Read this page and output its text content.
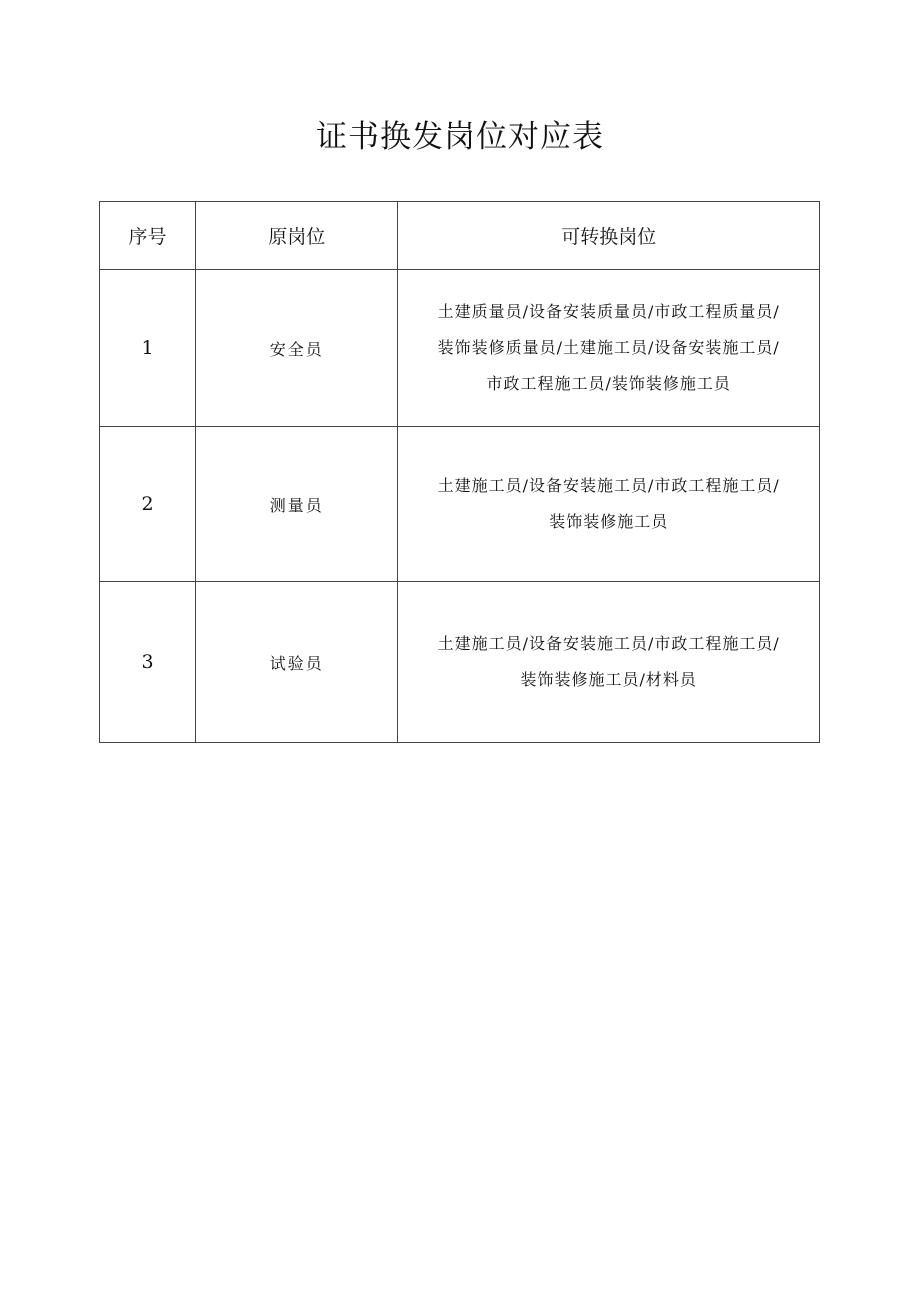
证书换发岗位对应表
序号	原岗位	可转换岗位
1	安全员	土建质量员/设备安装质量员/市政工程质量员/
装饰装修质量员/土建施工员/设备安装施工员/
市政工程施工员/装饰装修施工员

2	测量员	土建施工员/设备安装施工员/市政工程施工员/
装饰装修施工员

3	试验员	土建施工员/设备安装施工员/市政工程施工员/
装饰装修施工员/材料员
